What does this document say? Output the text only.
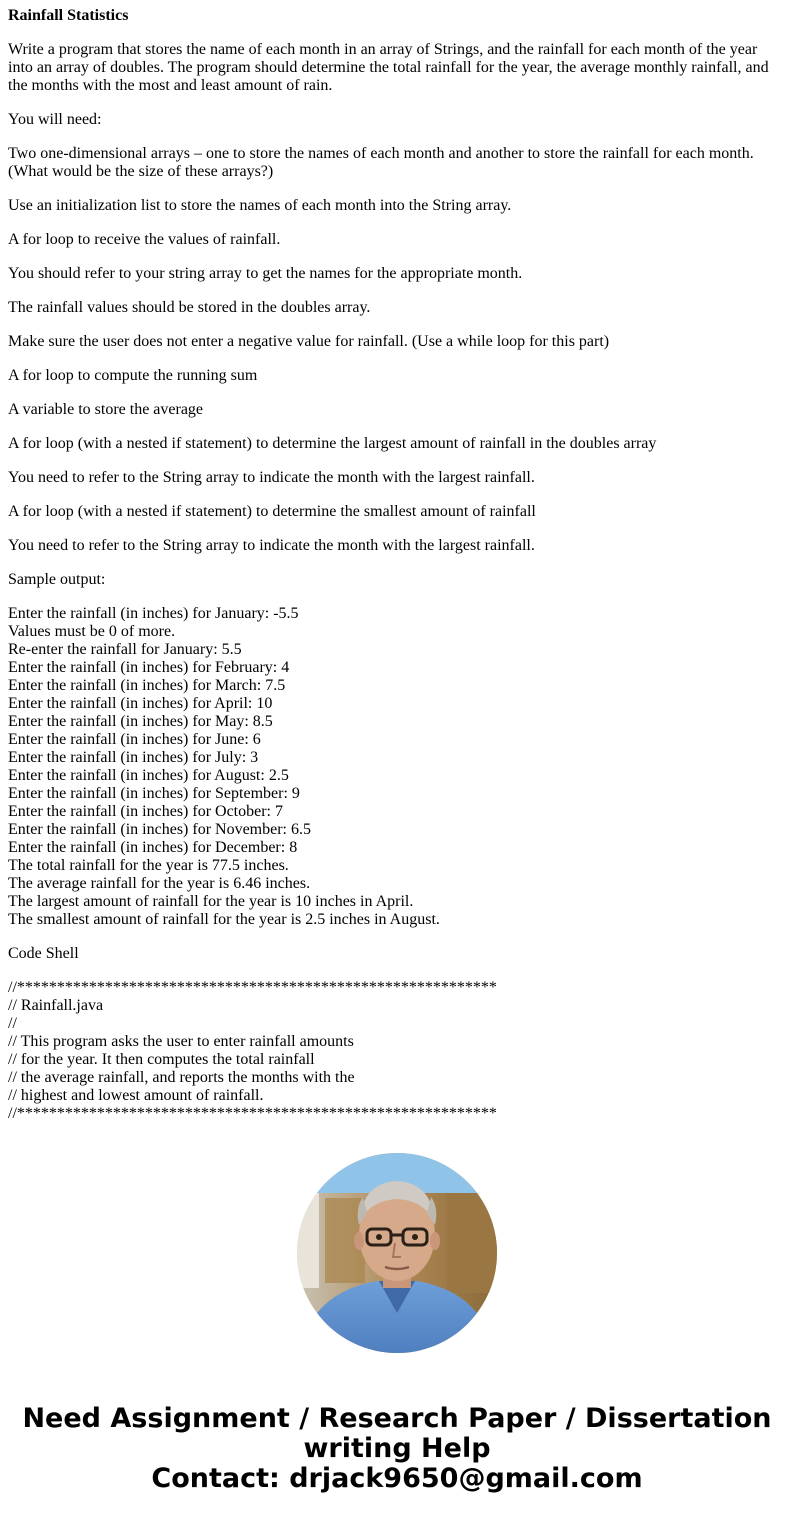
Rainfall Statistics

Write a program that stores the name of each month in an array of Strings, and the rainfall for each month of the year into an array of doubles. The program should determine the total rainfall for the year, the average monthly rainfall, and the months with the most and least amount of rain.

You will need:

Two one-dimensional arrays – one to store the names of each month and another to store the rainfall for each month. (What would be the size of these arrays?)

Use an initialization list to store the names of each month into the String array.

A for loop to receive the values of rainfall.

You should refer to your string array to get the names for the appropriate month.

The rainfall values should be stored in the doubles array.

Make sure the user does not enter a negative value for rainfall. (Use a while loop for this part)

A for loop to compute the running sum

A variable to store the average

A for loop (with a nested if statement) to determine the largest amount of rainfall in the doubles array

You need to refer to the String array to indicate the month with the largest rainfall.

A for loop (with a nested if statement) to determine the smallest amount of rainfall

You need to refer to the String array to indicate the month with the largest rainfall.

Sample output:

Enter the rainfall (in inches) for January: -5.5
Values must be 0 of more.
Re-enter the rainfall for January: 5.5
Enter the rainfall (in inches) for February: 4
Enter the rainfall (in inches) for March: 7.5
Enter the rainfall (in inches) for April: 10
Enter the rainfall (in inches) for May: 8.5
Enter the rainfall (in inches) for June: 6
Enter the rainfall (in inches) for July: 3
Enter the rainfall (in inches) for August: 2.5
Enter the rainfall (in inches) for September: 9
Enter the rainfall (in inches) for October: 7
Enter the rainfall (in inches) for November: 6.5
Enter the rainfall (in inches) for December: 8
The total rainfall for the year is 77.5 inches.
The average rainfall for the year is 6.46 inches.
The largest amount of rainfall for the year is 10 inches in April.
The smallest amount of rainfall for the year is 2.5 inches in August.

Code Shell

//************************************************************
// Rainfall.java
//
// This program asks the user to enter rainfall amounts
// for the year. It then computes the total rainfall
// the average rainfall, and reports the months with the
// highest and lowest amount of rainfall.
//************************************************************
Need Assignment / Research Paper / Dissertation
writing Help
Contact: drjack9650@gmail.com
